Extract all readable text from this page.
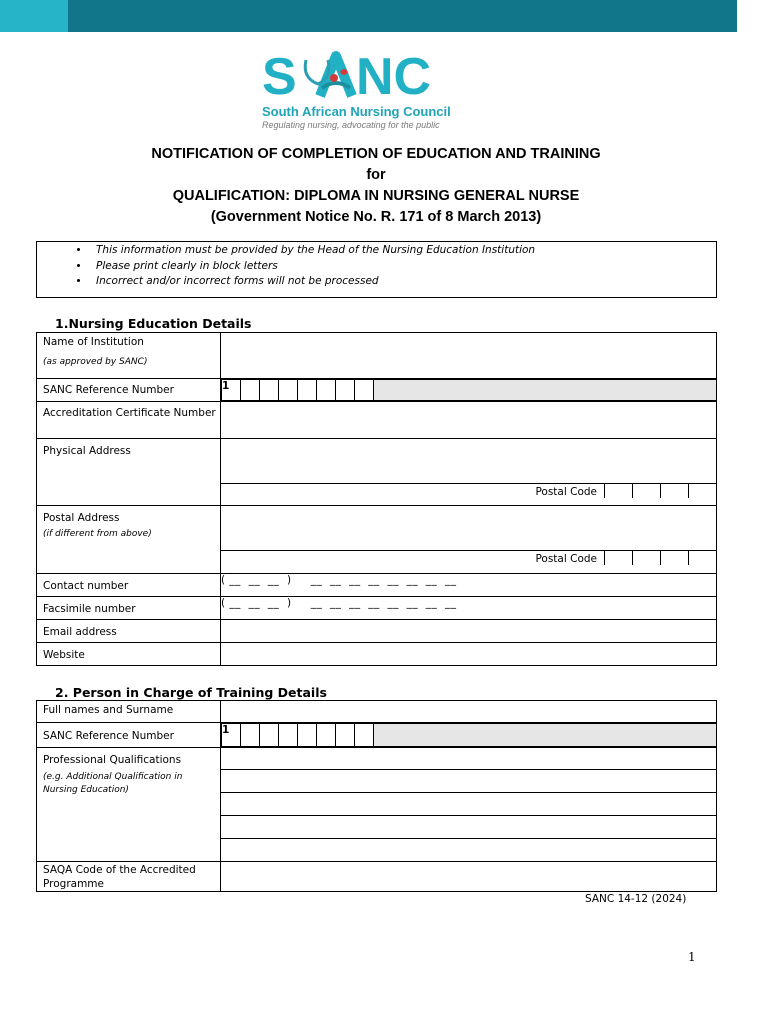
S NC
South African Nursing Council
Regulating nursing, advocating for the public
NOTIFICATION OF COMPLETION OF EDUCATION AND TRAINING
for
QUALIFICATION: DIPLOMA IN NURSING GENERAL NURSE
(Government Notice No. R. 171 of 8 March 2013)
• This information must be provided by the Head of the Nursing Education Institution
• Please print clearly in block letters
• Incorrect and/or incorrect forms will not be processed
1.Nursing Education Details
Name of Institution
(as approved by SANC)

SANC Reference Number		1								

Accreditation Certificate Number	
Physical Address	

Postal Code

Postal Address
(if different from above)

Postal Code

Contact number	( __  __  __  )     __  __  __  __  __  __  __  __
Facsimile number	( __  __  __  )     __  __  __  __  __  __  __  __
Email address	
Website	
2. Person in Charge of Training Details
Full names and Surname	
SANC Reference Number		1								

Professional Qualifications
(e.g. Additional Qualification in Nursing Education)

SAQA Code of the Accredited Programme	
SANC 14-12 (2024)
1
